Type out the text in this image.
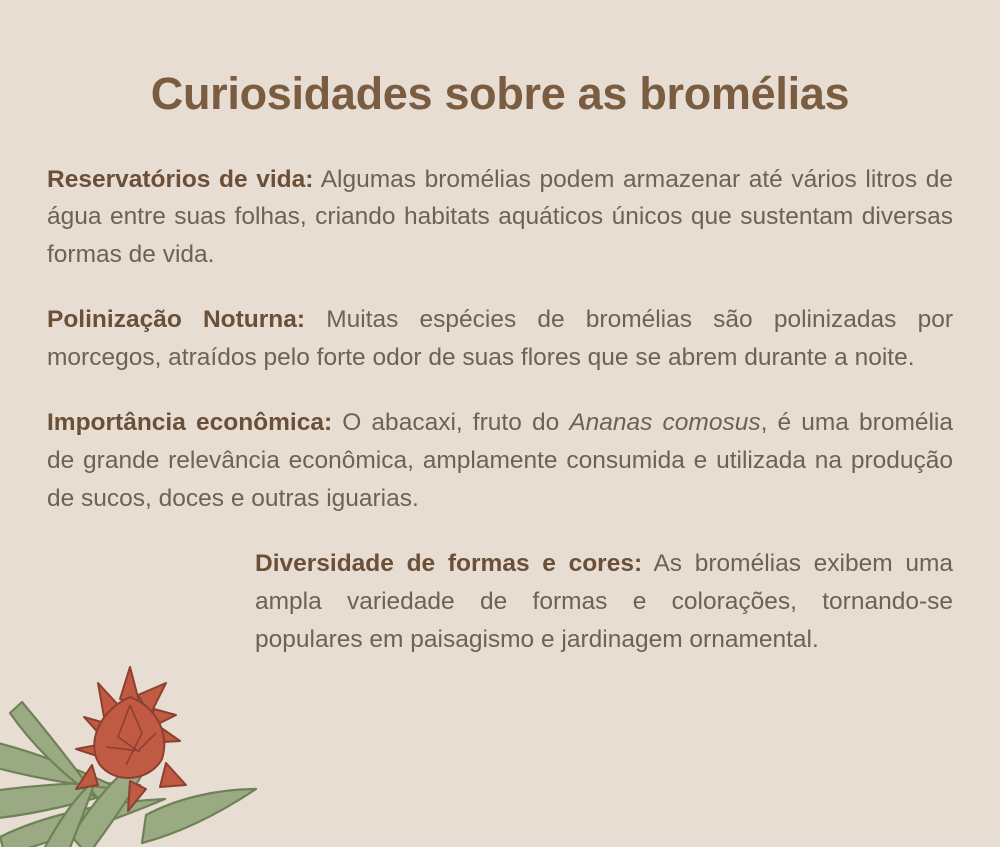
Curiosidades sobre as bromélias

Reservatórios de vida: Algumas bromélias podem armazenar até vários litros de água entre suas folhas, criando habitats aquáticos únicos que sustentam diversas formas de vida.

Polinização Noturna: Muitas espécies de bromélias são polinizadas por morcegos, atraídos pelo forte odor de suas flores que se abrem durante a noite.

Importância econômica: O abacaxi, fruto do Ananas comosus, é uma bromélia de grande relevância econômica, amplamente consumida e utilizada na produção de sucos, doces e outras iguarias.

Diversidade de formas e cores: As bromélias exibem uma ampla variedade de formas e colorações, tornando-se populares em paisagismo e jardinagem ornamental.
